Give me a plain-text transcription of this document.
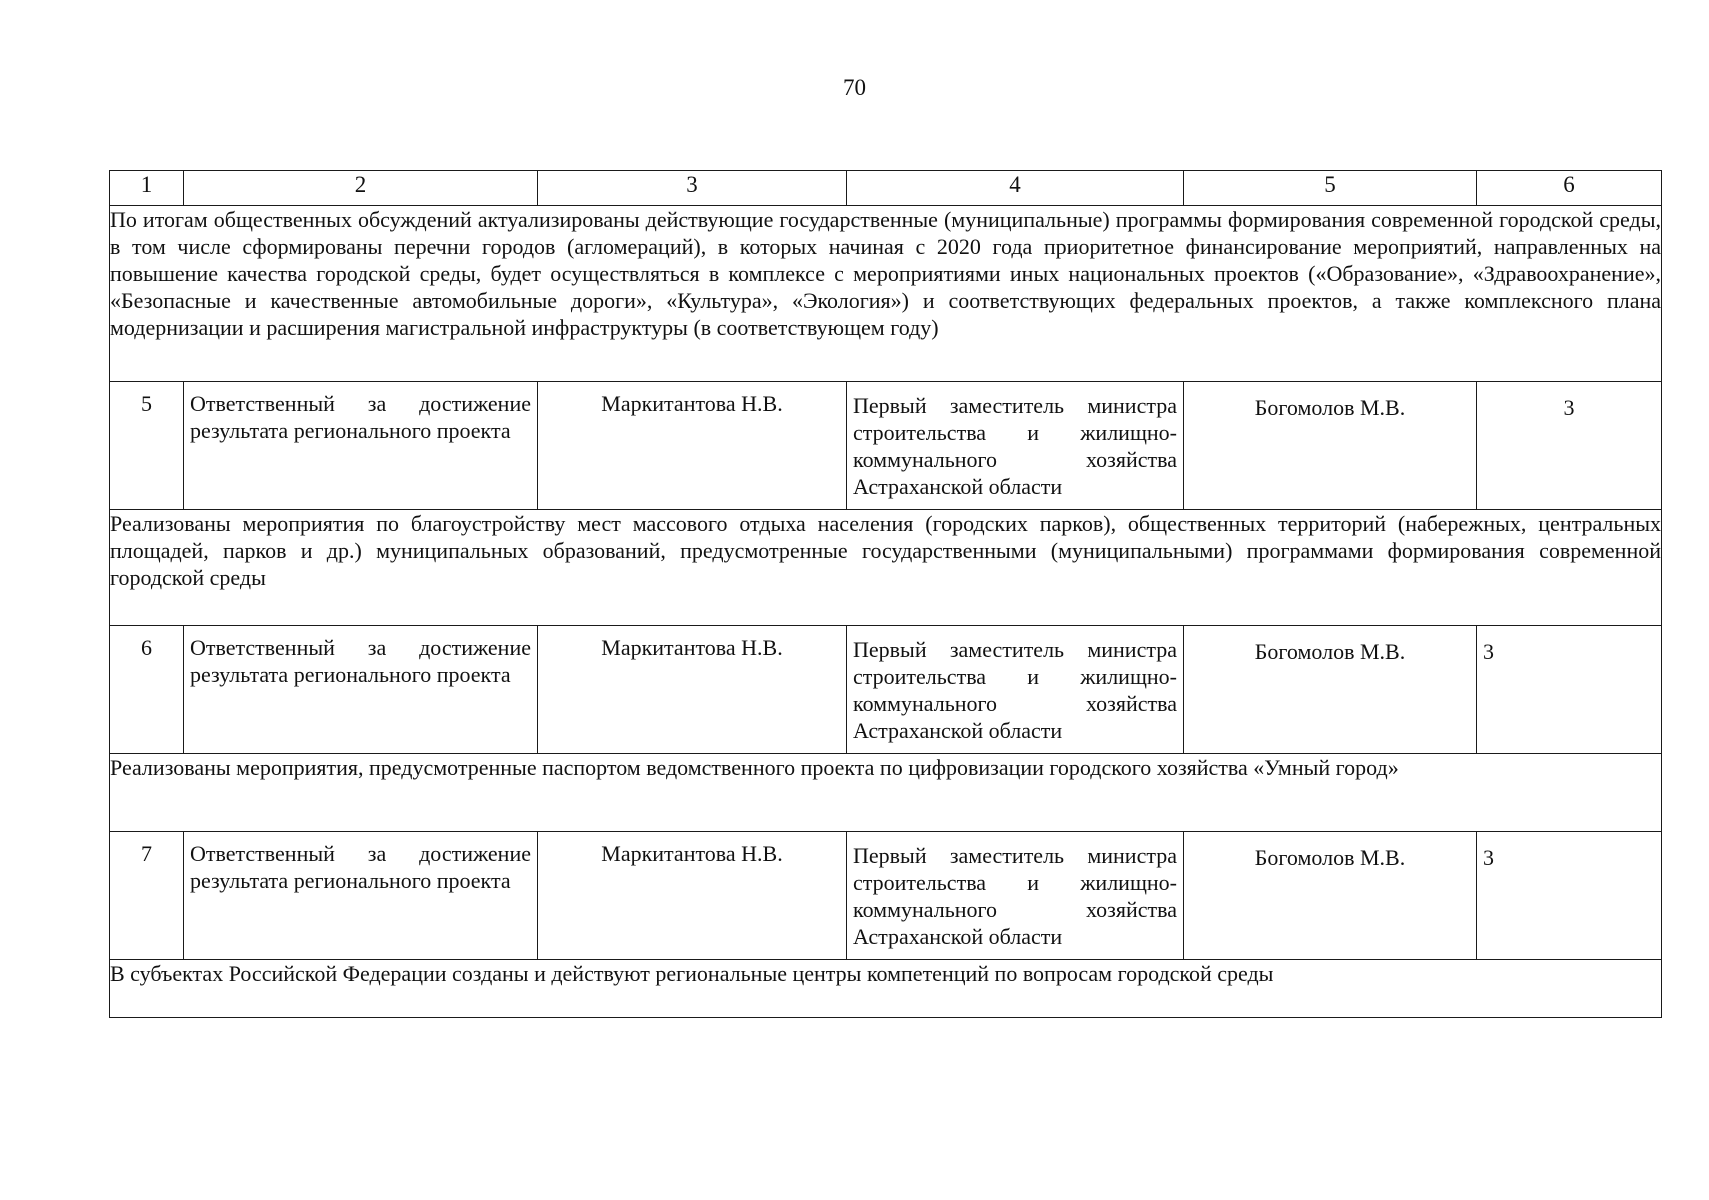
70
1	2	3	4	5	6
По итогам общественных обсуждений актуализированы действующие государственные (муниципальные) программы формирования современной городской среды, в том числе сформированы перечни городов (агломераций), в которых начиная с 2020 года приоритетное финансирование мероприятий, направленных на повышение качества городской среды, будет осуществляться в комплексе с мероприятиями иных национальных проектов («Образование», «Здравоохранение», «Безопасные и качественные автомобильные дороги», «Культура», «Экология») и соответствующих федеральных проектов, а также комплексного плана модернизации и расширения магистральной инфраструктуры (в соответствующем году)					
5	Ответственный за достижение результата регионального проекта	Маркитантова Н.В.	Первый заместитель министра строительства и жилищно-коммунального хозяйства Астраханской области	Богомолов М.В.	3
Реализованы мероприятия по благоустройству мест массового отдыха населения (городских парков), общественных территорий (набережных, центральных площадей, парков и др.) муниципальных образований, предусмотренные государственными (муниципальными) программами формирования современной городской среды					
6	Ответственный за достижение результата регионального проекта	Маркитантова Н.В.	Первый заместитель министра строительства и жилищно-коммунального хозяйства Астраханской области	Богомолов М.В.	3
Реализованы мероприятия, предусмотренные паспортом ведомственного проекта по цифровизации городского хозяйства «Умный город»					
7	Ответственный за достижение результата регионального проекта	Маркитантова Н.В.	Первый заместитель министра строительства и жилищно-коммунального хозяйства Астраханской области	Богомолов М.В.	3
В субъектах Российской Федерации созданы и действуют региональные центры компетенций по вопросам городской среды					
